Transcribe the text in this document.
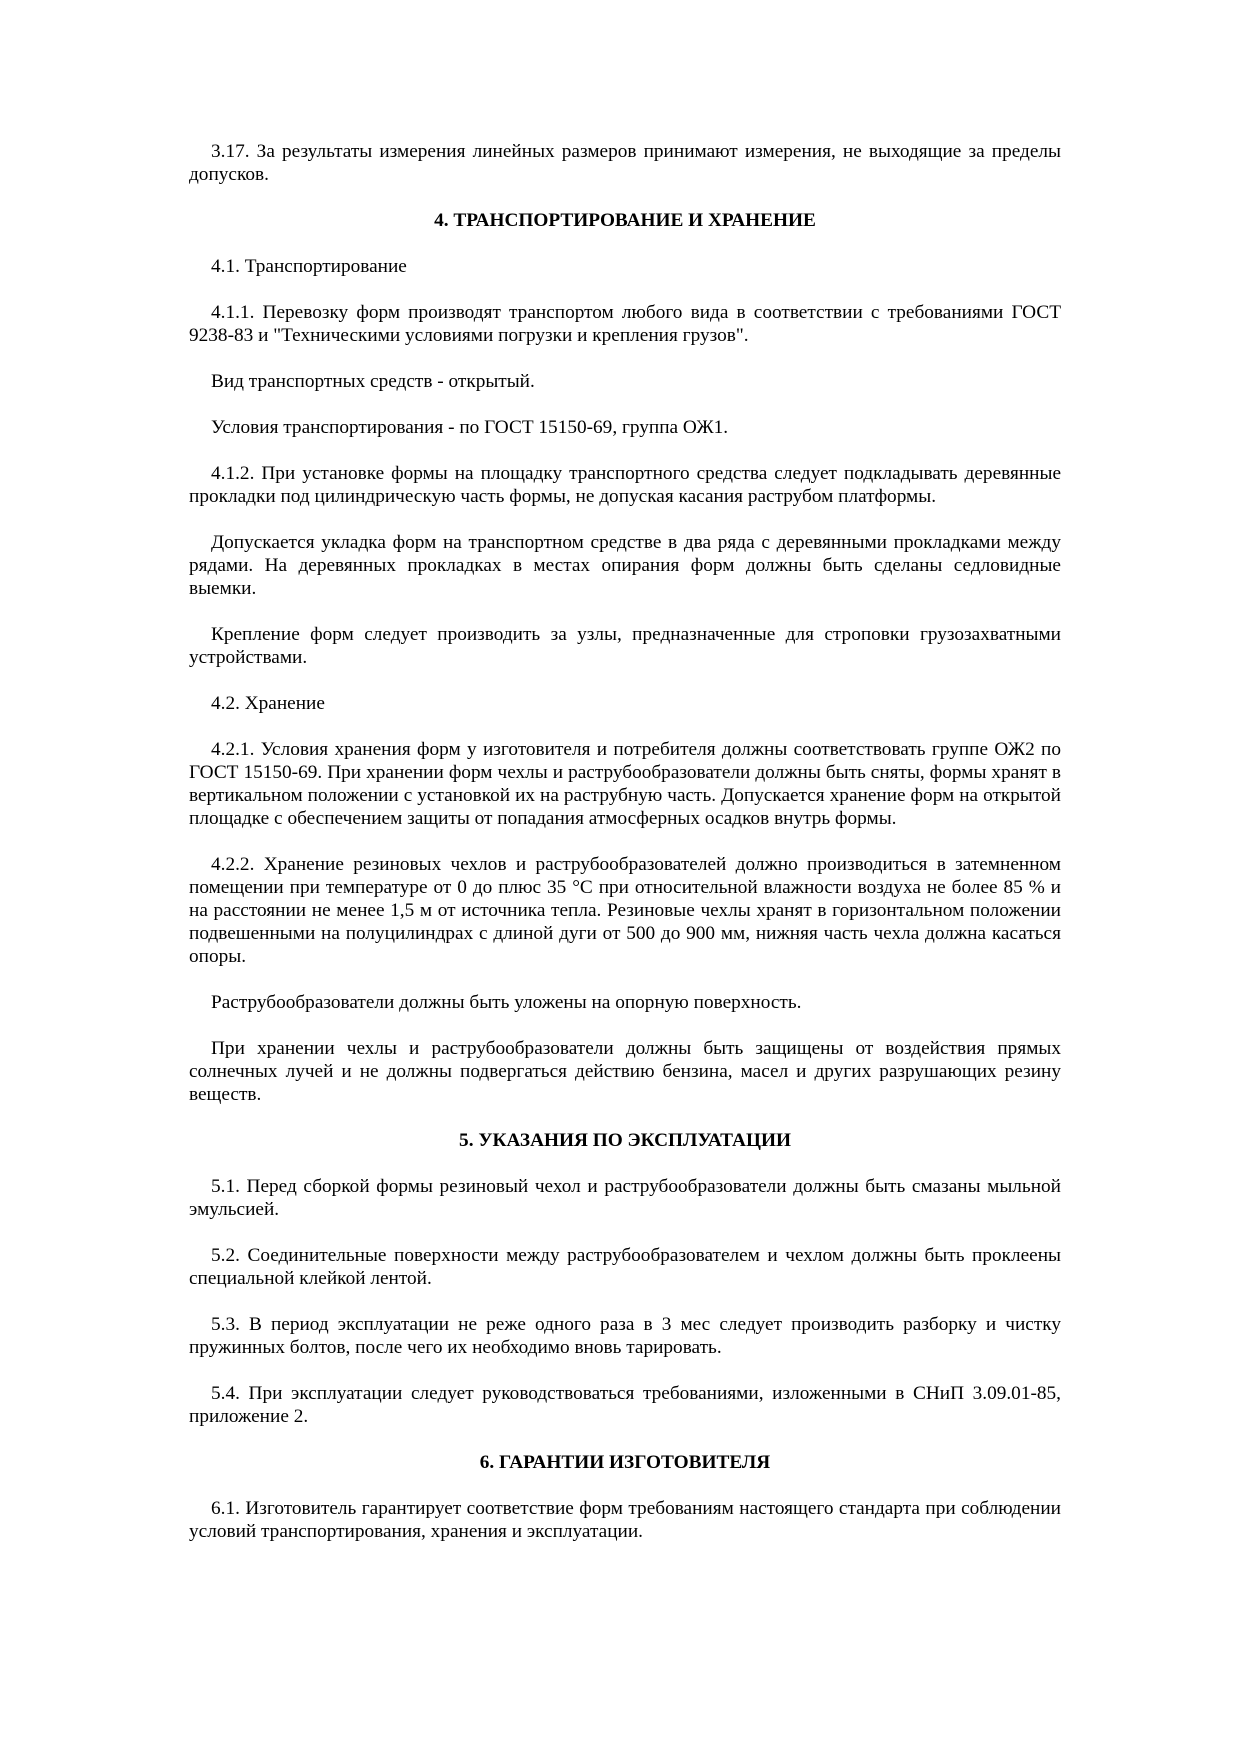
3.17. За результаты измерения линейных размеров принимают измерения, не выходящие за пределы допусков.

4. ТРАНСПОРТИРОВАНИЕ И ХРАНЕНИЕ

4.1. Транспортирование

4.1.1. Перевозку форм производят транспортом любого вида в соответствии с требованиями ГОСТ 9238-83 и "Техническими условиями погрузки и крепления грузов".

Вид транспортных средств - открытый.

Условия транспортирования - по ГОСТ 15150-69, группа ОЖ1.

4.1.2. При установке формы на площадку транспортного средства следует подкладывать деревянные прокладки под цилиндрическую часть формы, не допуская касания раструбом платформы.

Допускается укладка форм на транспортном средстве в два ряда с деревянными прокладками между рядами. На деревянных прокладках в местах опирания форм должны быть сделаны седловидные выемки.

Крепление форм следует производить за узлы, предназначенные для строповки грузозахватными устройствами.

4.2. Хранение

4.2.1. Условия хранения форм у изготовителя и потребителя должны соответствовать группе ОЖ2 по ГОСТ 15150-69. При хранении форм чехлы и раструбообразователи должны быть сняты, формы хранят в вертикальном положении с установкой их на раструбную часть. Допускается хранение форм на открытой площадке с обеспечением защиты от попадания атмосферных осадков внутрь формы.

4.2.2. Хранение резиновых чехлов и раструбообразователей должно производиться в затемненном помещении при температуре от 0 до плюс 35 °С при относительной влажности воздуха не более 85 % и на расстоянии не менее 1,5 м от источника тепла. Резиновые чехлы хранят в горизонтальном положении подвешенными на полуцилиндрах с длиной дуги от 500 до 900 мм, нижняя часть чехла должна касаться опоры.

Раструбообразователи должны быть уложены на опорную поверхность.

При хранении чехлы и раструбообразователи должны быть защищены от воздействия прямых солнечных лучей и не должны подвергаться действию бензина, масел и других разрушающих резину веществ.

5. УКАЗАНИЯ ПО ЭКСПЛУАТАЦИИ

5.1. Перед сборкой формы резиновый чехол и раструбообразователи должны быть смазаны мыльной эмульсией.

5.2. Соединительные поверхности между раструбообразователем и чехлом должны быть проклеены специальной клейкой лентой.

5.3. В период эксплуатации не реже одного раза в 3 мес следует производить разборку и чистку пружинных болтов, после чего их необходимо вновь тарировать.

5.4. При эксплуатации следует руководствоваться требованиями, изложенными в СНиП 3.09.01-85, приложение 2.

6. ГАРАНТИИ ИЗГОТОВИТЕЛЯ

6.1. Изготовитель гарантирует соответствие форм требованиям настоящего стандарта при соблюдении условий транспортирования, хранения и эксплуатации.
